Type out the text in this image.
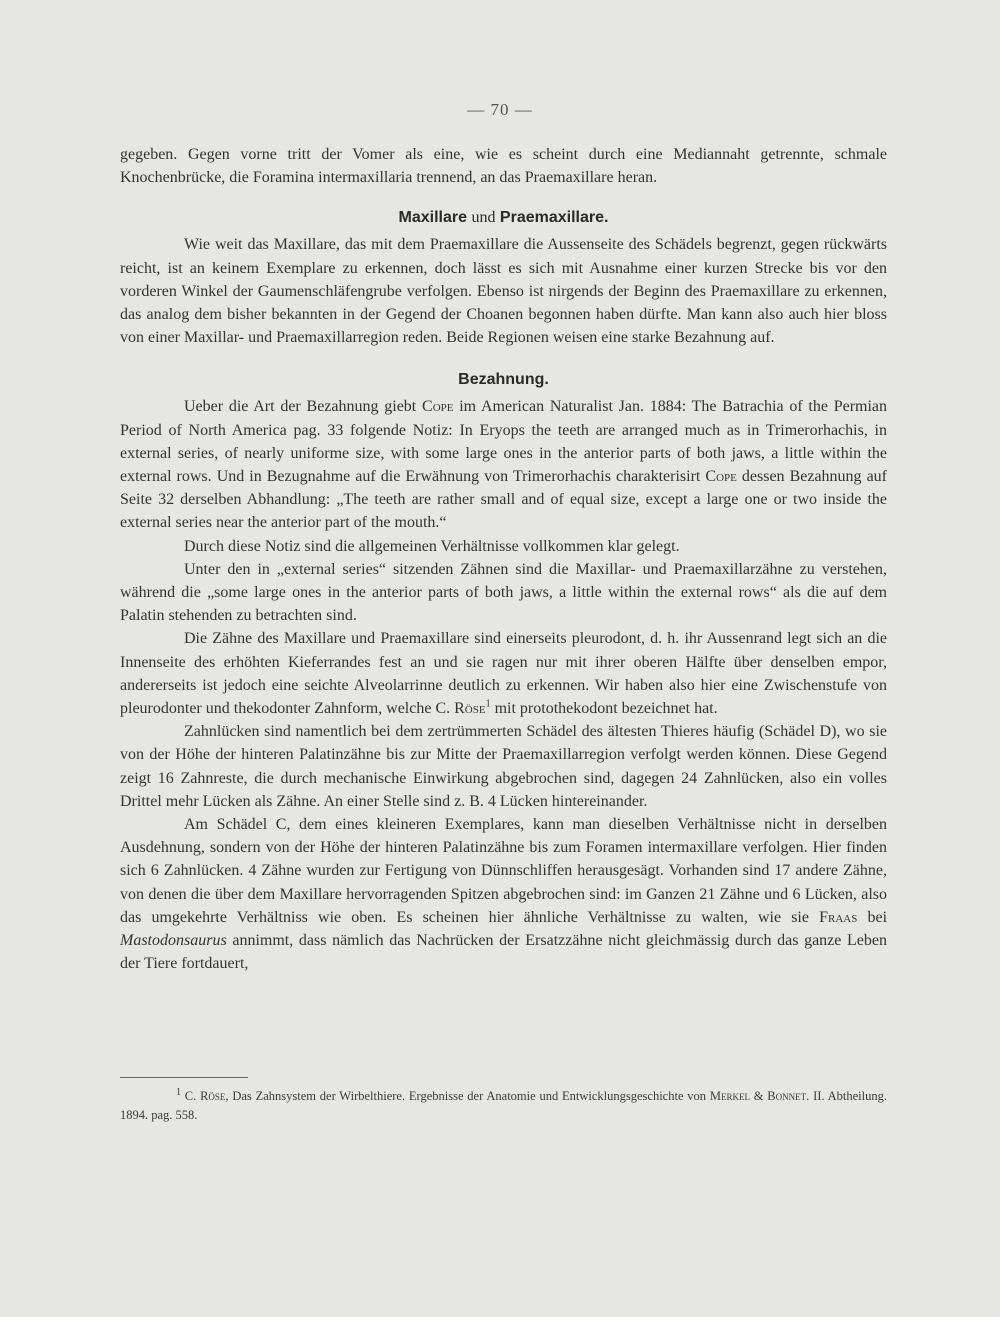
— 70 —

gegeben. Gegen vorne tritt der Vomer als eine, wie es scheint durch eine Mediannaht getrennte, schmale Knochenbrücke, die Foramina intermaxillaria trennend, an das Praemaxillare heran.

Maxillare und Praemaxillare.

Wie weit das Maxillare, das mit dem Praemaxillare die Aussenseite des Schädels begrenzt, gegen rückwärts reicht, ist an keinem Exemplare zu erkennen, doch lässt es sich mit Ausnahme einer kurzen Strecke bis vor den vorderen Winkel der Gaumenschläfengrube verfolgen. Ebenso ist nirgends der Beginn des Praemaxillare zu erkennen, das analog dem bisher bekannten in der Gegend der Choanen begonnen haben dürfte. Man kann also auch hier bloss von einer Maxillar- und Praemaxillarregion reden. Beide Regionen weisen eine starke Bezahnung auf.

Bezahnung.

Ueber die Art der Bezahnung giebt Cope im American Naturalist Jan. 1884: The Batrachia of the Permian Period of North America pag. 33 folgende Notiz: In Eryops the teeth are arranged much as in Trimerorhachis, in external series, of nearly uniforme size, with some large ones in the anterior parts of both jaws, a little within the external rows. Und in Bezugnahme auf die Erwähnung von Trimerorhachis charakterisirt Cope dessen Bezahnung auf Seite 32 derselben Abhandlung: „The teeth are rather small and of equal size, except a large one or two inside the external series near the anterior part of the mouth.“

Durch diese Notiz sind die allgemeinen Verhältnisse vollkommen klar gelegt.

Unter den in „external series“ sitzenden Zähnen sind die Maxillar- und Praemaxillarzähne zu verstehen, während die „some large ones in the anterior parts of both jaws, a little within the external rows“ als die auf dem Palatin stehenden zu betrachten sind.

Die Zähne des Maxillare und Praemaxillare sind einerseits pleurodont, d. h. ihr Aussenrand legt sich an die Innenseite des erhöhten Kieferrandes fest an und sie ragen nur mit ihrer oberen Hälfte über denselben empor, andererseits ist jedoch eine seichte Alveolarrinne deutlich zu erkennen. Wir haben also hier eine Zwischenstufe von pleurodonter und thekodonter Zahnform, welche C. Röse$^1$ mit protothekodont bezeichnet hat.

Zahnlücken sind namentlich bei dem zertrümmerten Schädel des ältesten Thieres häufig (Schädel D), wo sie von der Höhe der hinteren Palatinzähne bis zur Mitte der Praemaxillarregion verfolgt werden können. Diese Gegend zeigt 16 Zahnreste, die durch mechanische Einwirkung abgebrochen sind, dagegen 24 Zahnlücken, also ein volles Drittel mehr Lücken als Zähne. An einer Stelle sind z. B. 4 Lücken hintereinander.

Am Schädel C, dem eines kleineren Exemplares, kann man dieselben Verhältnisse nicht in derselben Ausdehnung, sondern von der Höhe der hinteren Palatinzähne bis zum Foramen intermaxillare verfolgen. Hier finden sich 6 Zahnlücken. 4 Zähne wurden zur Fertigung von Dünnschliffen herausgesägt. Vorhanden sind 17 andere Zähne, von denen die über dem Maxillare hervorragenden Spitzen abgebrochen sind: im Ganzen 21 Zähne und 6 Lücken, also das umgekehrte Verhältniss wie oben. Es scheinen hier ähnliche Verhältnisse zu walten, wie sie Fraas bei Mastodonsaurus annimmt, dass nämlich das Nachrücken der Ersatzzähne nicht gleichmässig durch das ganze Leben der Tiere fortdauert,

$^1$ C. Röse, Das Zahnsystem der Wirbelthiere. Ergebnisse der Anatomie und Entwicklungsgeschichte von Merkel & Bonnet. II. Abtheilung. 1894. pag. 558.
